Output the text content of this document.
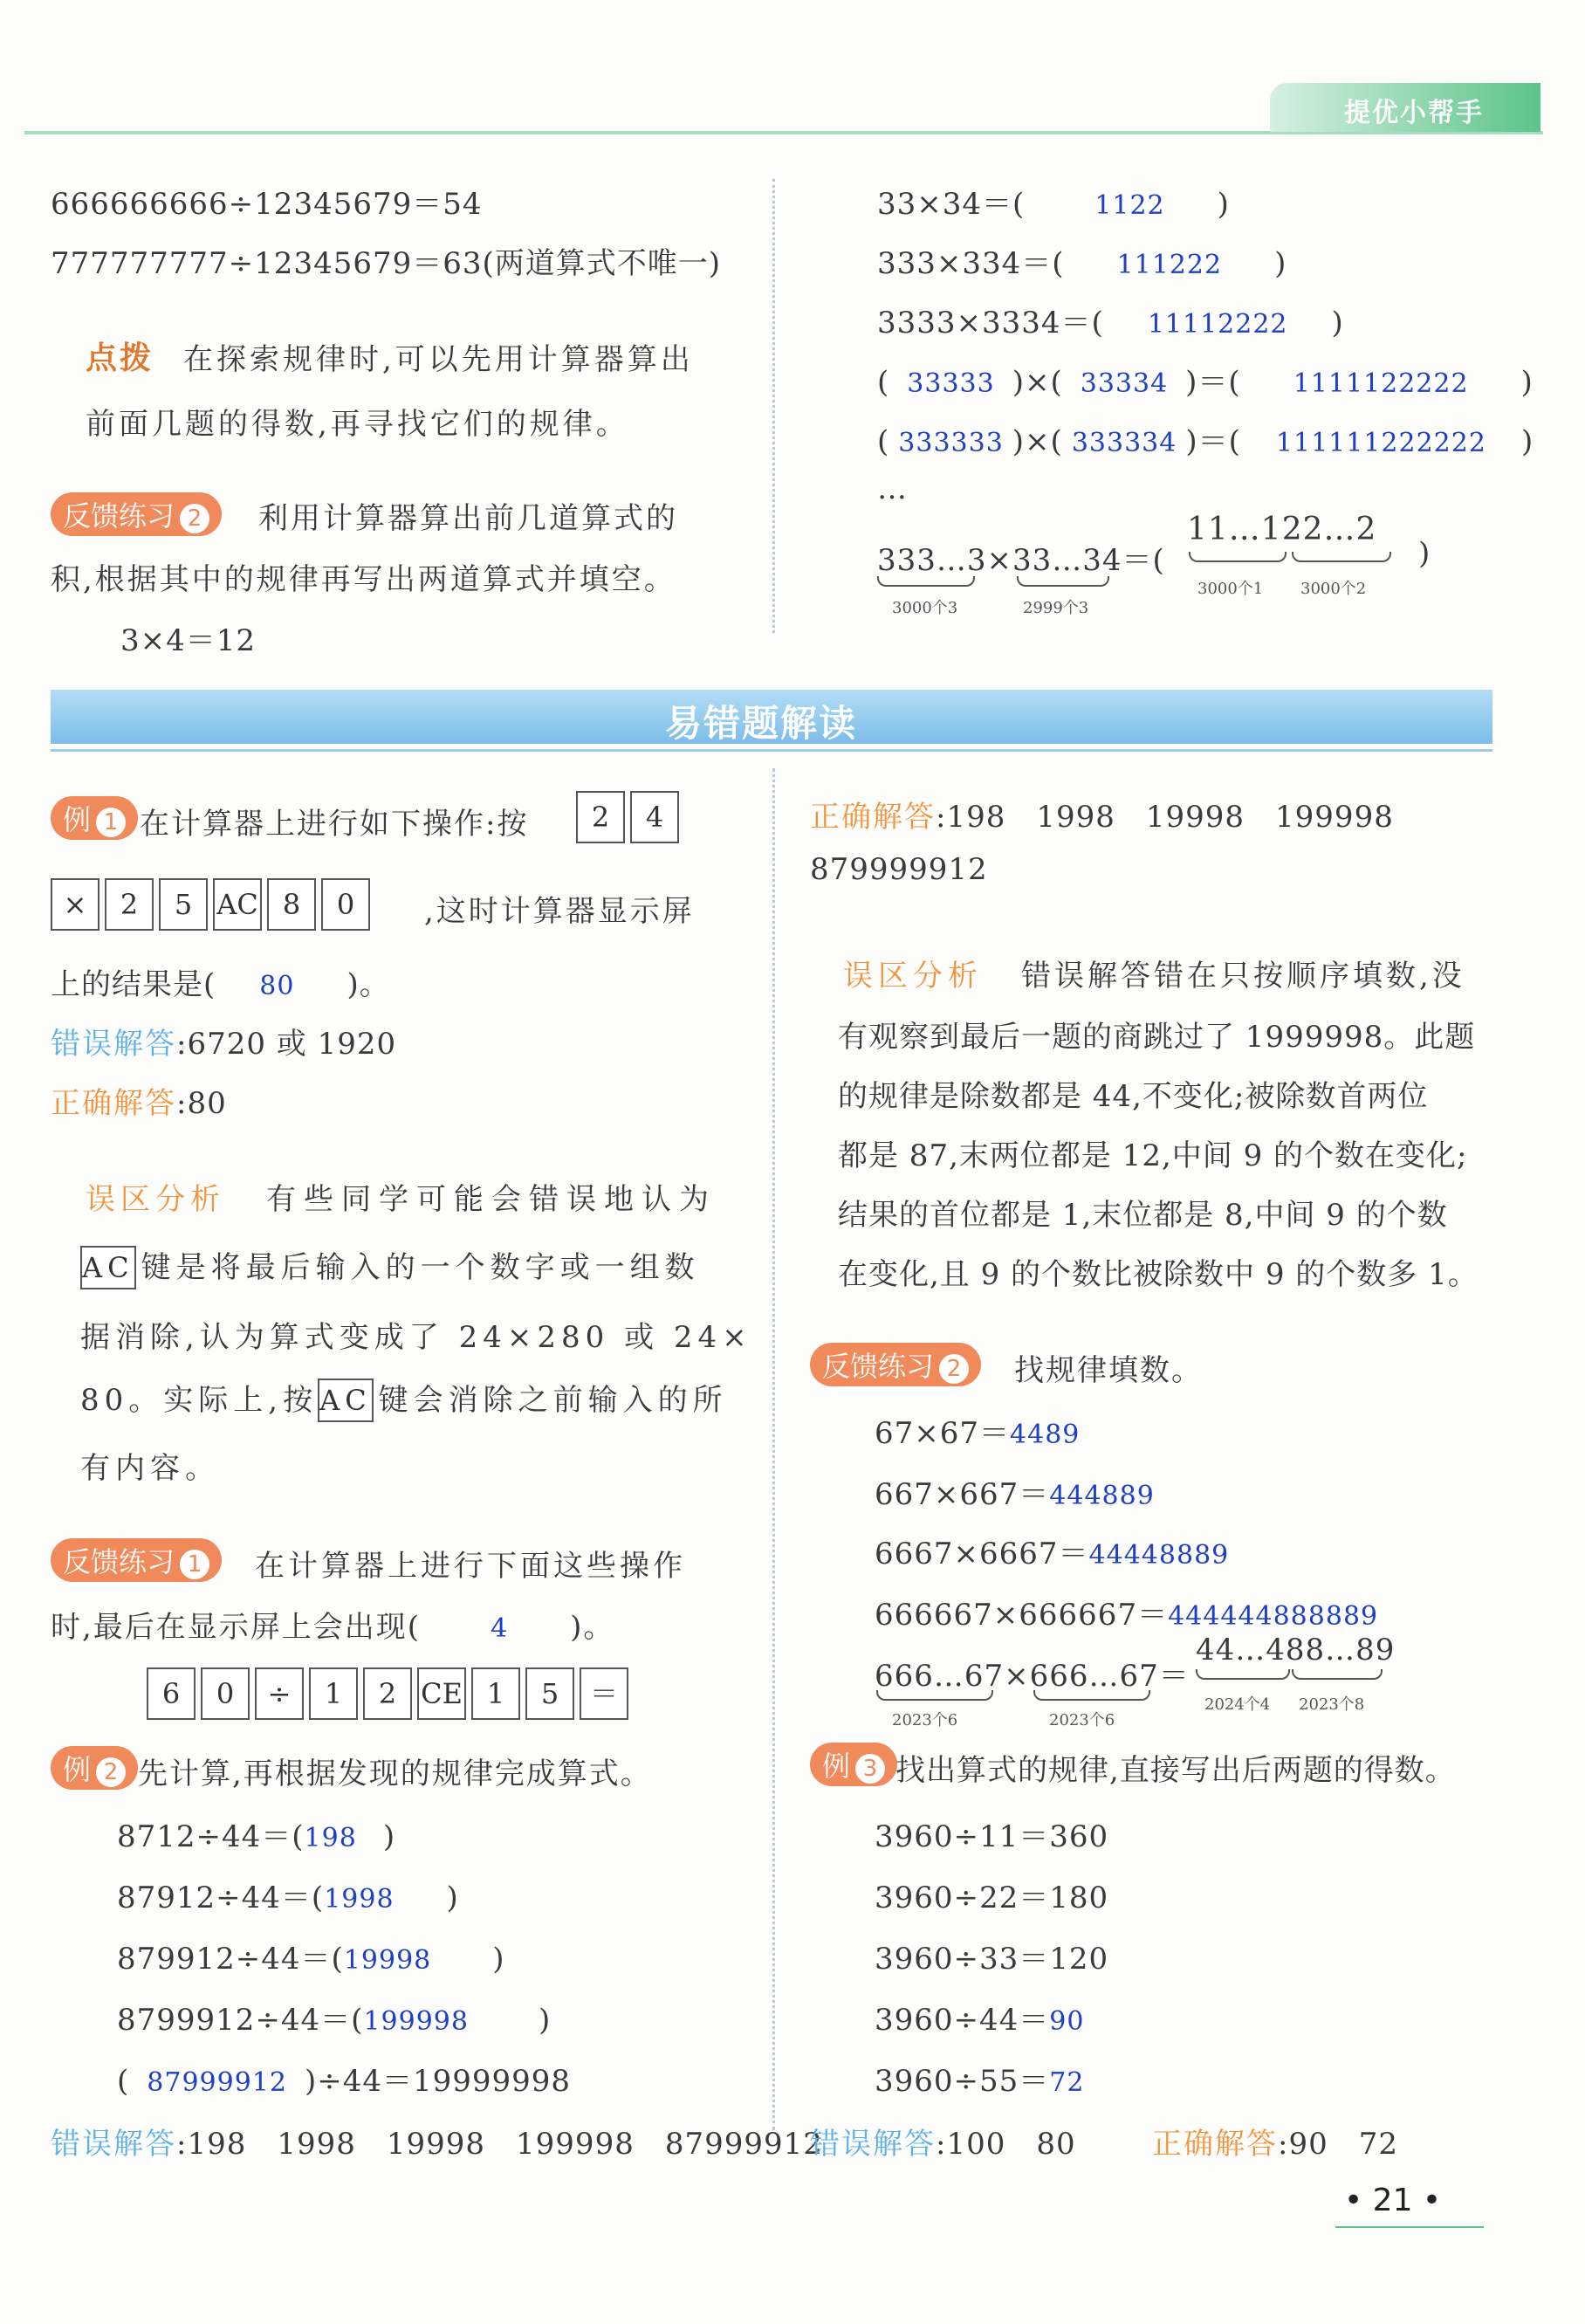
提优小帮手
666666666÷12345679＝54
777777777÷12345679＝63(两道算式不唯一)
点拨 在探索规律时,可以先用计算器算出
前面几题的得数,再寻找它们的规律。
反馈练习 2	利用计算器算出前几道算式的
积,根据其中的规律再写出两道算式并填空。
3×4＝12
33×34＝(	1122 )
333×334＝( 111222 )
3333×3334＝( 11112222 )
( 33333 )×( 33334 )＝( 1111122222 )
( 333333 )×( 333334 )＝( 111111222222 )
…
333…3×33…34＝(
3000个3	2999个3
11…122…2
3000个1 3000个2
)
易错题解读
例 1 在计算器上进行如下操作:按	2 4
× 2 5 AC 8 0	,这时计算器显示屏
上的结果是( 80 )。
错误解答:6720 或 1920
正确解答:80
误区分析 有些同学可能会错误地认为
AC 键是将最后输入的一个数字或一组数
据消除,认为算式变成了 24×280 或 24×
80。实际上,按AC 键会消除之前输入的所
有内容。
反馈练习 1	在计算器上进行下面这些操作
时,最后在显示屏上会出现(	4 )。
6 0 ÷ 1 2 CE 1 5 ＝
例 2 先计算,再根据发现的规律完成算式。
8712÷44＝(198 )
87912÷44＝(1998 )
879912÷44＝(19998 )
8799912÷44＝(199998 )
( 87999912 )÷44＝19999998
错误解答:198　1998　19998　199998　87999912
正确解答:198　1998　19998　199998
879999912
误区分析 错误解答错在只按顺序填数,没
有观察到最后一题的商跳过了 1999998。此题
的规律是除数都是 44,不变化;被除数首两位
都是 87,末两位都是 12,中间 9 的个数在变化;
结果的首位都是 1,末位都是 8,中间 9 的个数
在变化,且 9 的个数比被除数中 9 的个数多 1。
反馈练习 2	找规律填数。
67×67＝4489
667×667＝444889
6667×6667＝44448889
666667×666667＝444444888889
666…67×666…67＝
2023个6	2023个6
44…488…89
2024个4 2023个8
例 3 找出算式的规律,直接写出后两题的得数。
3960÷11＝360
3960÷22＝180
3960÷33＝120
3960÷44＝90
3960÷55＝72
错误解答:100　80	正确解答:90　72
• 21 •
